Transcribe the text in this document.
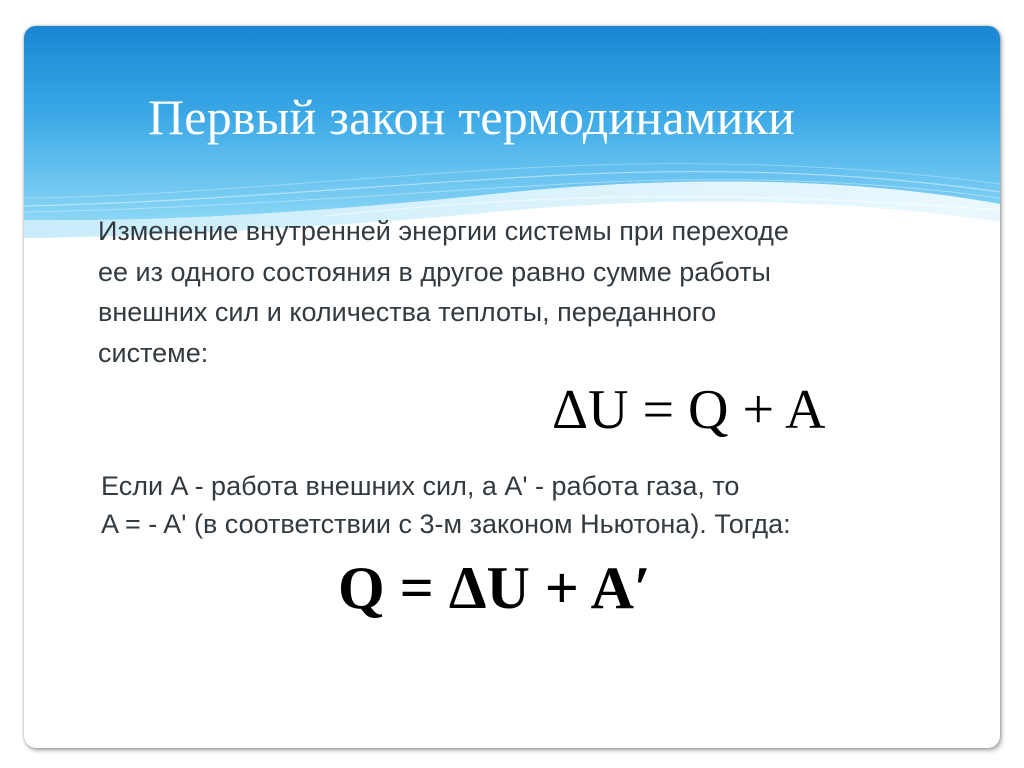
Первый закон термодинамики

Изменение внутренней энергии системы при переходе
ее из одного состояния в другое равно сумме работы
внешних сил и количества теплоты, переданного
системе:

ΔU = Q + A

Если A - работа внешних сил, а A' - работа газа, то
A = - A' (в соответствии с 3-м законом Ньютона). Тогда:

Q = ΔU + A′
